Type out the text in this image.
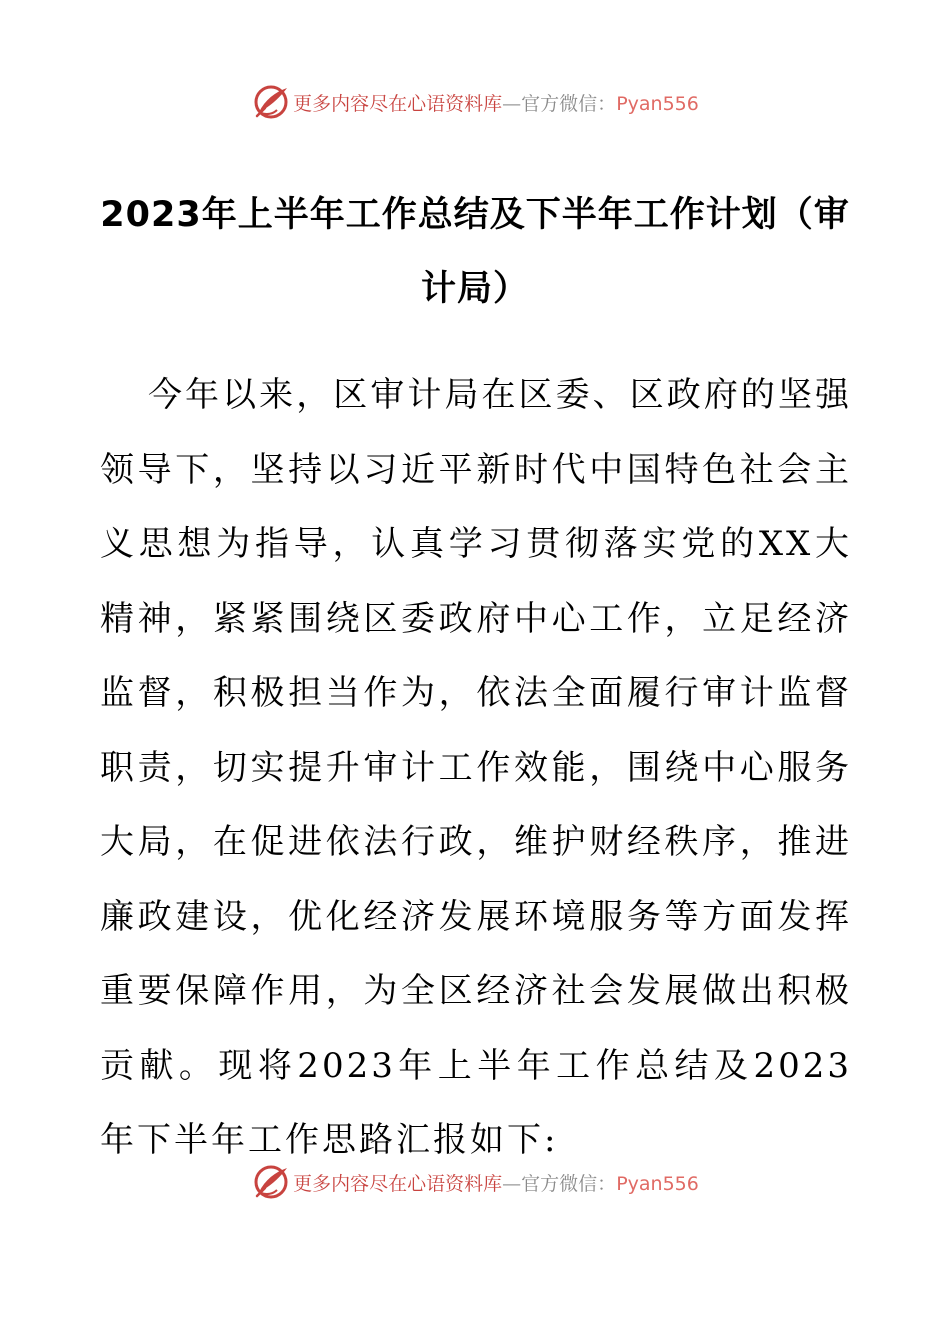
更多内容尽在心语资料库—官方微信：Pyan556
2023年上半年工作总结及下半年工作计划（审计局）

今年以来，区审计局在区委、区政府的坚强领导下，坚持以习近平新时代中国特色社会主义思想为指导，认真学习贯彻落实党的XX大精神，紧紧围绕区委政府中心工作，立足经济监督，积极担当作为，依法全面履行审计监督职责，切实提升审计工作效能，围绕中心服务大局，在促进依法行政，维护财经秩序，推进廉政建设，优化经济发展环境服务等方面发挥重要保障作用，为全区经济社会发展做出积极贡献。现将2023年上半年工作总结及2023年下半年工作思路汇报如下:

更多内容尽在心语资料库—官方微信：Pyan556
